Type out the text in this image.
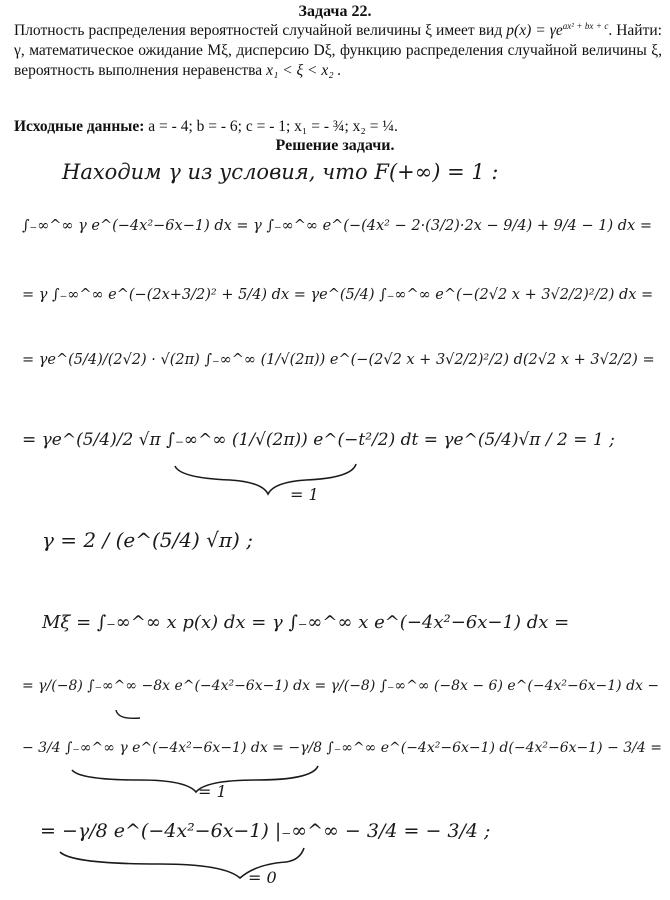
Задача 22.
Плотность распределения вероятностей случайной величины ξ имеет вид $p(x) = \gamma e^{ax^2 + bx + c}$. Найти: γ, математическое ожидание Mξ, дисперсию Dξ, функцию распределения случайной величины ξ, вероятность выполнения неравенства x₁ < ξ < x₂ .
Исходные данные: a = - 4; b = - 6; c = - 1; x₁ = - ¾; x₂ = ¼.
Решение задачи.
Находим γ из условия, что F(+∞) = 1 :
∫₋∞^∞ γ e^(−4x²−6x−1) dx = γ ∫₋∞^∞ e^(−(4x² − 2·(3/2)·2x − 9/4) + 9/4 − 1) dx =
= γ ∫₋∞^∞ e^(−(2x+3/2)² + 5/4) dx = γe^(5/4) ∫₋∞^∞ e^(−(2√2 x + 3√2/2)²/2) dx =
= γe^(5/4)/(2√2) · √(2π) ∫₋∞^∞ (1/√(2π)) e^(−(2√2 x + 3√2/2)²/2) d(2√2 x + 3√2/2) =
= γe^(5/4)/2 √π ∫₋∞^∞ (1/√(2π)) e^(−t²/2) dt = γe^(5/4)√π / 2 = 1 ;
= 1
γ = 2 / (e^(5/4) √π) ;
Mξ = ∫₋∞^∞ x p(x) dx = γ ∫₋∞^∞ x e^(−4x²−6x−1) dx =
= γ/(−8) ∫₋∞^∞ −8x e^(−4x²−6x−1) dx = γ/(−8) ∫₋∞^∞ (−8x − 6) e^(−4x²−6x−1) dx −
− 3/4 ∫₋∞^∞ γ e^(−4x²−6x−1) dx = −γ/8 ∫₋∞^∞ e^(−4x²−6x−1) d(−4x²−6x−1) − 3/4 =
= 1
= −γ/8 e^(−4x²−6x−1) |₋∞^∞ − 3/4 = − 3/4 ;
= 0
